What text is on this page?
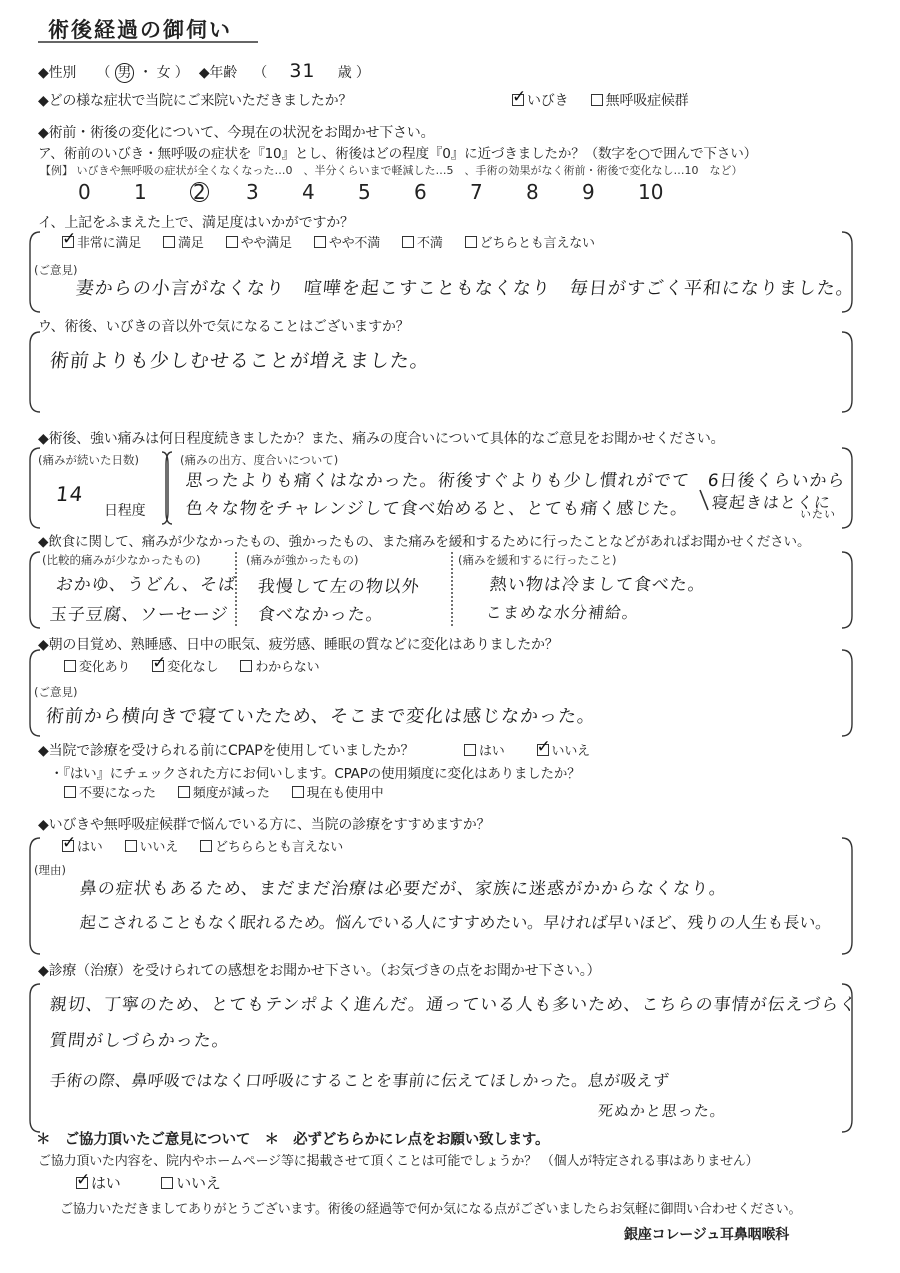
術後経過の御伺い
◆性別 （ 男 ・ 女 ） ◆年齢 （ 31 歳 ）
◆どの様な症状で当院にご来院いただきましたか？ ✓	いびき	無呼吸症候群
◆術前・術後の変化について、今現在の状況をお聞かせ下さい。
ア、術前のいびき・無呼吸の症状を『10』とし、術後はどの程度『0』に近づきましたか？（数字を○で囲んで下さい）
【例】 いびきや無呼吸の症状が全くなくなった…0　、半分くらいまで軽減した…5　、手術の効果がなく術前・術後で変化なし…10　など）
0 1 2 3 4 5 6 7 8 9 10
イ、上記をふまえた上で、満足度はいかがですか？
✓非常に満足	満足	やや満足	やや不満	不満	どちらとも言えない
(ご意見)
妻からの小言がなくなり　喧嘩を起こすこともなくなり　毎日がすごく平和になりました。
ウ、術後、いびきの音以外で気になることはございますか？
術前よりも少しむせることが増えました。
◆術後、強い痛みは何日程度続きましたか？また、痛みの度合いについて具体的なご意見をお聞かせください。
(痛みが続いた日数)
14
日程度
(痛みの出方、度合いについて)
思ったよりも痛くはなかった。術後すぐよりも少し慣れがでて　6日後くらいから
色々な物をチャレンジして食べ始めると、とても痛く感じた。 寝起きはとくに
いたい
◆飲食に関して、痛みが少なかったもの、強かったもの、また痛みを緩和するために行ったことなどがあればお聞かせください。
(比較的痛みが少なかったもの)
おかゆ、うどん、そば
玉子豆腐、ソーセージ
(痛みが強かったもの)
我慢して左の物以外
食べなかった。
(痛みを緩和するに行ったこと)
熱い物は冷まして食べた。
こまめな水分補給。
◆朝の目覚め、熟睡感、日中の眠気、疲労感、睡眠の質などに変化はありましたか？
変化あり ✓	変化なし	わからない
(ご意見)
術前から横向きで寝ていたため、そこまで変化は感じなかった。
◆当院で診療を受けられる前にCPAPを使用していましたか？	はい ✓	いいえ
・『はい』にチェックされた方にお伺いします。CPAPの使用頻度に変化はありましたか？
不要になった	頻度が減った	現在も使用中
◆いびきや無呼吸症候群で悩んでいる方に、当院の診療をすすめますか？
✓はい	いいえ	どちららとも言えない
(理由)
鼻の症状もあるため、まだまだ治療は必要だが、家族に迷惑がかからなくなり。
起こされることもなく眠れるため。悩んでいる人にすすめたい。早ければ早いほど、残りの人生も長い。
◆診療（治療）を受けられての感想をお聞かせ下さい。（お気づきの点をお聞かせ下さい。）
親切、丁寧のため、とてもテンポよく進んだ。通っている人も多いため、こちらの事情が伝えづらく
質問がしづらかった。
手術の際、鼻呼吸ではなく口呼吸にすることを事前に伝えてほしかった。息が吸えず
死ぬかと思った。
＊　ご協力頂いたご意見について　＊　必ずどちらかにレ点をお願い致します。
ご協力頂いた内容を、院内やホームページ等に掲載させて頂くことは可能でしょうか？ （個人が特定される事はありません）
✓はい	いいえ
ご協力いただきましてありがとうございます。術後の経過等で何か気になる点がございましたらお気軽に御問い合わせください。
銀座コレージュ耳鼻咽喉科
